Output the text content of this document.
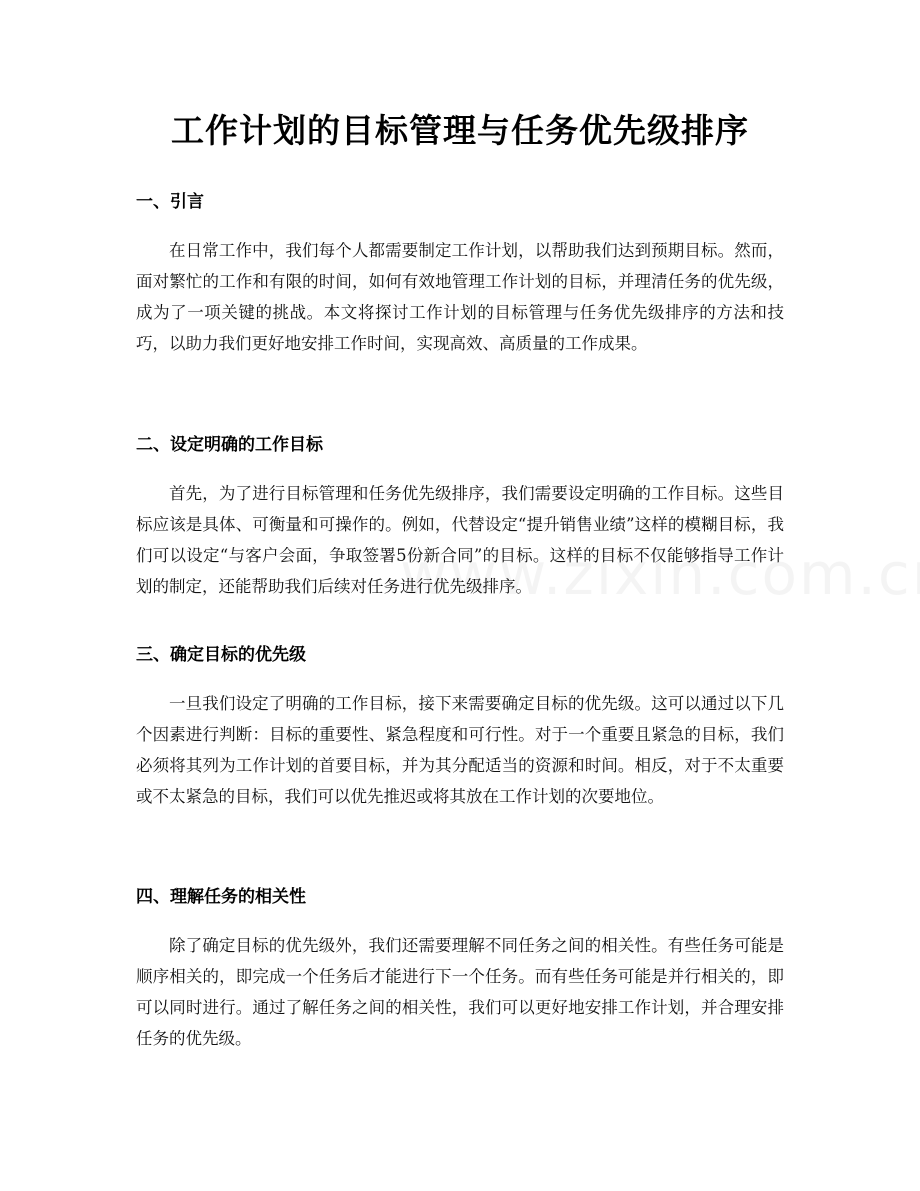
工作计划的目标管理与任务优先级排序
一、引言

在日常工作中，我们每个人都需要制定工作计划，以帮助我们达到预期目标。然而，面对繁忙的工作和有限的时间，如何有效地管理工作计划的目标，并理清任务的优先级，成为了一项关键的挑战。本文将探讨工作计划的目标管理与任务优先级排序的方法和技巧，以助力我们更好地安排工作时间，实现高效、高质量的工作成果。

二、设定明确的工作目标

首先，为了进行目标管理和任务优先级排序，我们需要设定明确的工作目标。这些目标应该是具体、可衡量和可操作的。例如，代替设定“提升销售业绩”这样的模糊目标，我们可以设定“与客户会面，争取签署5份新合同”的目标。这样的目标不仅能够指导工作计划的制定，还能帮助我们后续对任务进行优先级排序。

三、确定目标的优先级

一旦我们设定了明确的工作目标，接下来需要确定目标的优先级。这可以通过以下几个因素进行判断：目标的重要性、紧急程度和可行性。对于一个重要且紧急的目标，我们必须将其列为工作计划的首要目标，并为其分配适当的资源和时间。相反，对于不太重要或不太紧急的目标，我们可以优先推迟或将其放在工作计划的次要地位。

四、理解任务的相关性

除了确定目标的优先级外，我们还需要理解不同任务之间的相关性。有些任务可能是顺序相关的，即完成一个任务后才能进行下一个任务。而有些任务可能是并行相关的，即可以同时进行。通过了解任务之间的相关性，我们可以更好地安排工作计划，并合理安排任务的优先级。
